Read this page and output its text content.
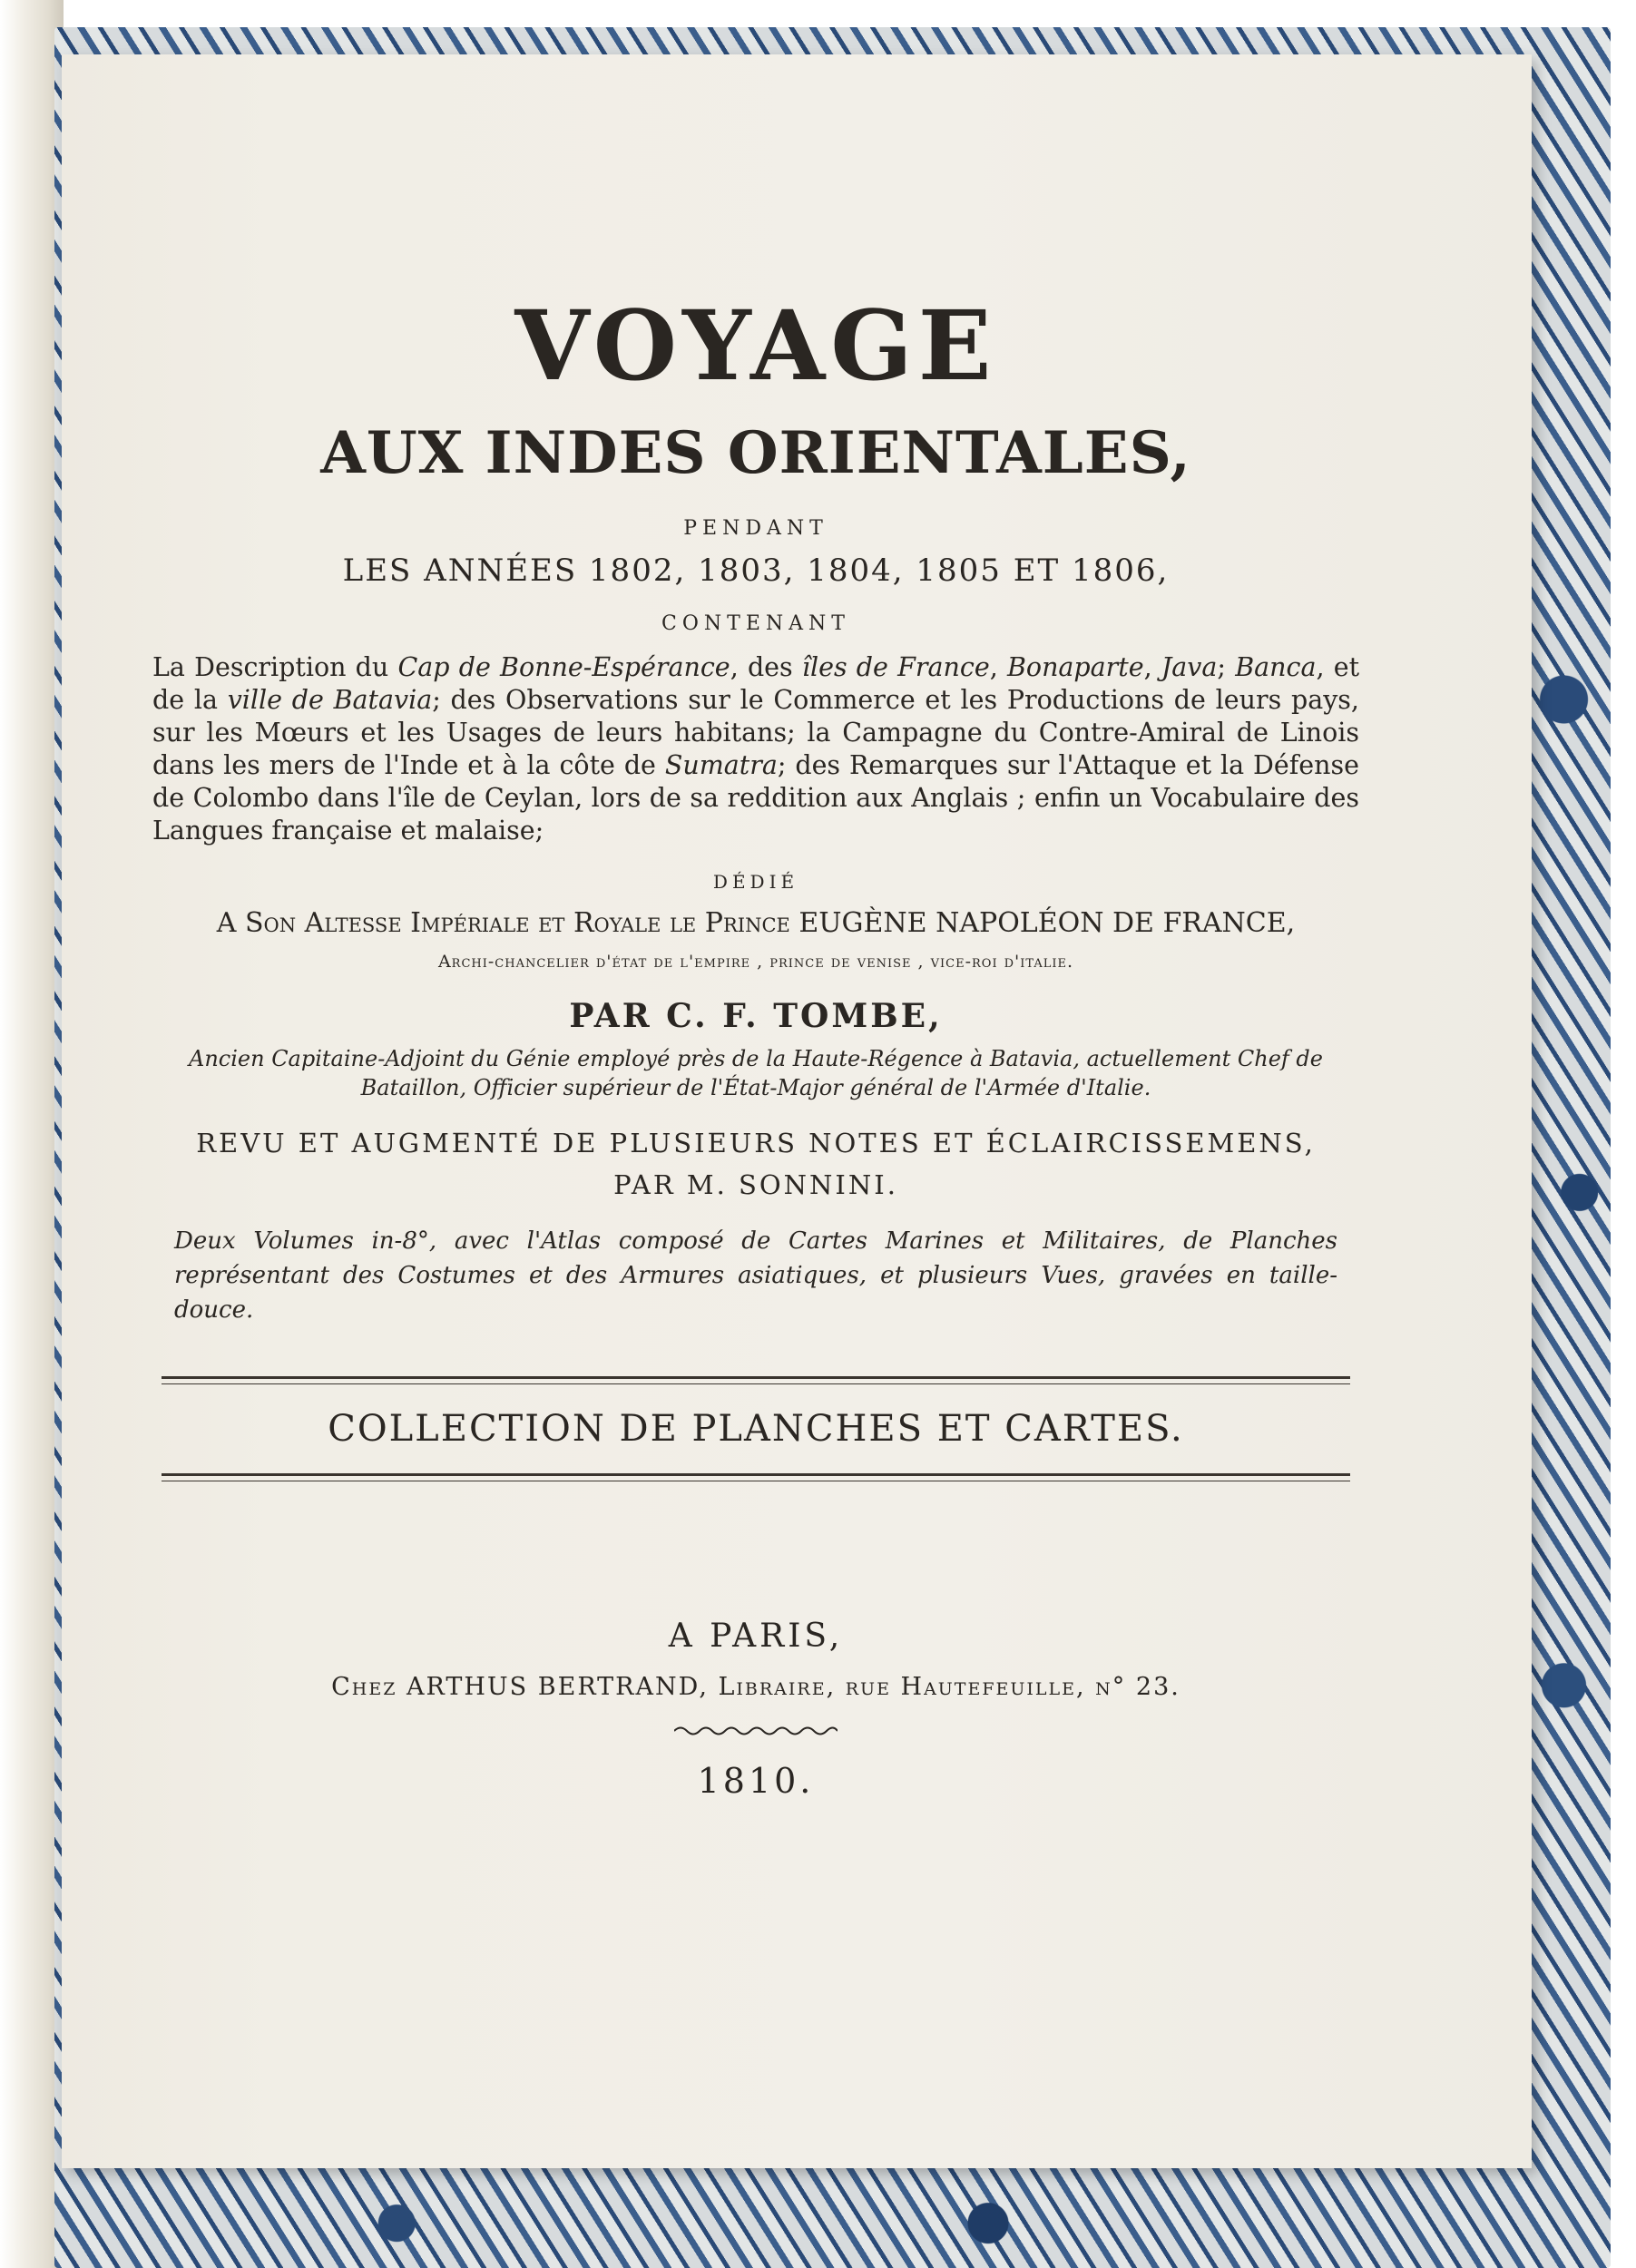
VOYAGE
AUX INDES ORIENTALES,
PENDANT
LES ANNÉES 1802, 1803, 1804, 1805 ET 1806,
CONTENANT

La Description du Cap de Bonne-Espérance, des îles de France, Bonaparte, Java; Banca, et de la ville de Batavia; des Observations sur le Commerce et les Productions de leurs pays, sur les Mœurs et les Usages de leurs habitans; la Campagne du Contre-Amiral de Linois dans les mers de l'Inde et à la côte de Sumatra; des Remarques sur l'Attaque et la Défense de Colombo dans l'île de Ceylan, lors de sa reddition aux Anglais ; enfin un Vocabulaire des Langues française et malaise;

DÉDIÉ
A Son Altesse Impériale et Royale le Prince EUGÈNE NAPOLÉON DE FRANCE,
Archi-chancelier d'état de l'empire , prince de venise , vice-roi d'italie.
PAR C. F. TOMBE,
Ancien Capitaine-Adjoint du Génie employé près de la Haute-Régence à Batavia, actuellement Chef de Bataillon, Officier supérieur de l'État-Major général de l'Armée d'Italie.
REVU ET AUGMENTÉ DE PLUSIEURS NOTES ET ÉCLAIRCISSEMENS,
PAR M. SONNINI.
Deux Volumes in-8°, avec l'Atlas composé de Cartes Marines et Militaires, de Planches représentant des Costumes et des Armures asiatiques, et plusieurs Vues, gravées en taille-douce.
COLLECTION DE PLANCHES ET CARTES.
A PARIS,
Chez ARTHUS BERTRAND, Libraire, rue Hautefeuille, n° 23.
1810.
